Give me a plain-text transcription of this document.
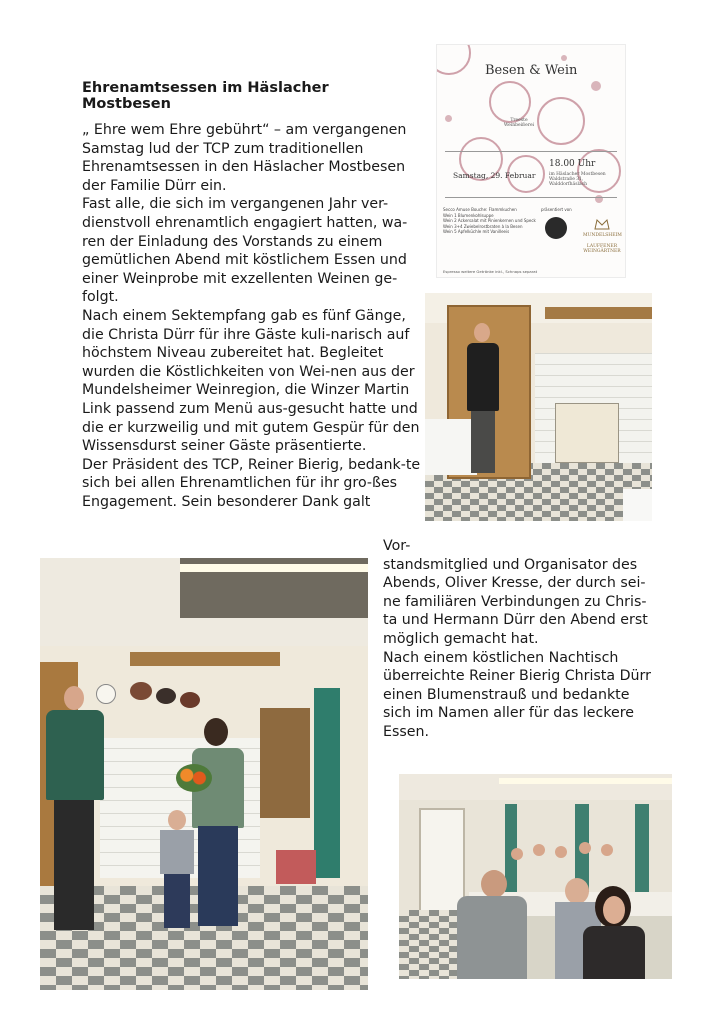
Ehrenamtsessen im Häslacher Mostbesen

„ Ehre wem Ehre gebührt“ – am vergangenen Samstag lud der TCP zum traditionellen Ehrenamtsessen in den Häslacher Mostbesen der Familie Dürr ein.
Fast alle, die sich im vergangenen Jahr ver-dienstvoll ehrenamtlich engagiert hatten, wa-ren der Einladung des Vorstands zu einem gemütlichen Abend mit köstlichem Essen und einer Weinprobe mit exzellenten Weinen ge-folgt.
Nach einem Sektempfang gab es fünf Gänge, die Christa Dürr für ihre Gäste kuli-narisch auf höchstem Niveau zubereitet hat. Begleitet wurden die Köstlichkeiten von Wei-nen aus der Mundelsheimer Weinregion, die Winzer Martin Link passend zum Menü aus-gesucht hatte und die er kurzweilig und mit gutem Gespür für den Wissensdurst seiner Gäste präsentierte.
Der Präsident des TCP, Reiner Bierig, bedank-te sich bei allen Ehrenamtlichen für ihr gro-ßes Engagement. Sein besonderer Dank galt

Vor-
standsmitglied und Organisator des Abends, Oliver Kresse, der durch sei-ne familiären Verbindungen zu Chris-ta und Hermann Dürr den Abend erst möglich gemacht hat.
Nach einem köstlichen Nachtisch überreichte Reiner Bierig Christa Dürr einen Blumenstrauß und bedankte sich im Namen aller für das leckere Essen.

Besen & Wein
Treeste Weinbeißerei
Samstag, 29. Februar
18.00 Uhr
im Häslacher Mostbesen Waldstraße 31, Walddorfhäslach
Secco Amuse Bouche: Flammkuchen
Wein 1 Blumenkohlsuppe
Wein 2 Ackersalat mit Pinienkernen und Speck
Wein 3+4 Zwiebelrostbraten à la Besen
Wein 5 Apfelküchle mit Vanilleeis
präsentiert von
MUNDELSHEIM
LAUFFENER WEINGÄRTNER
Espresso weitere Getränke inkl., Schnaps separat
